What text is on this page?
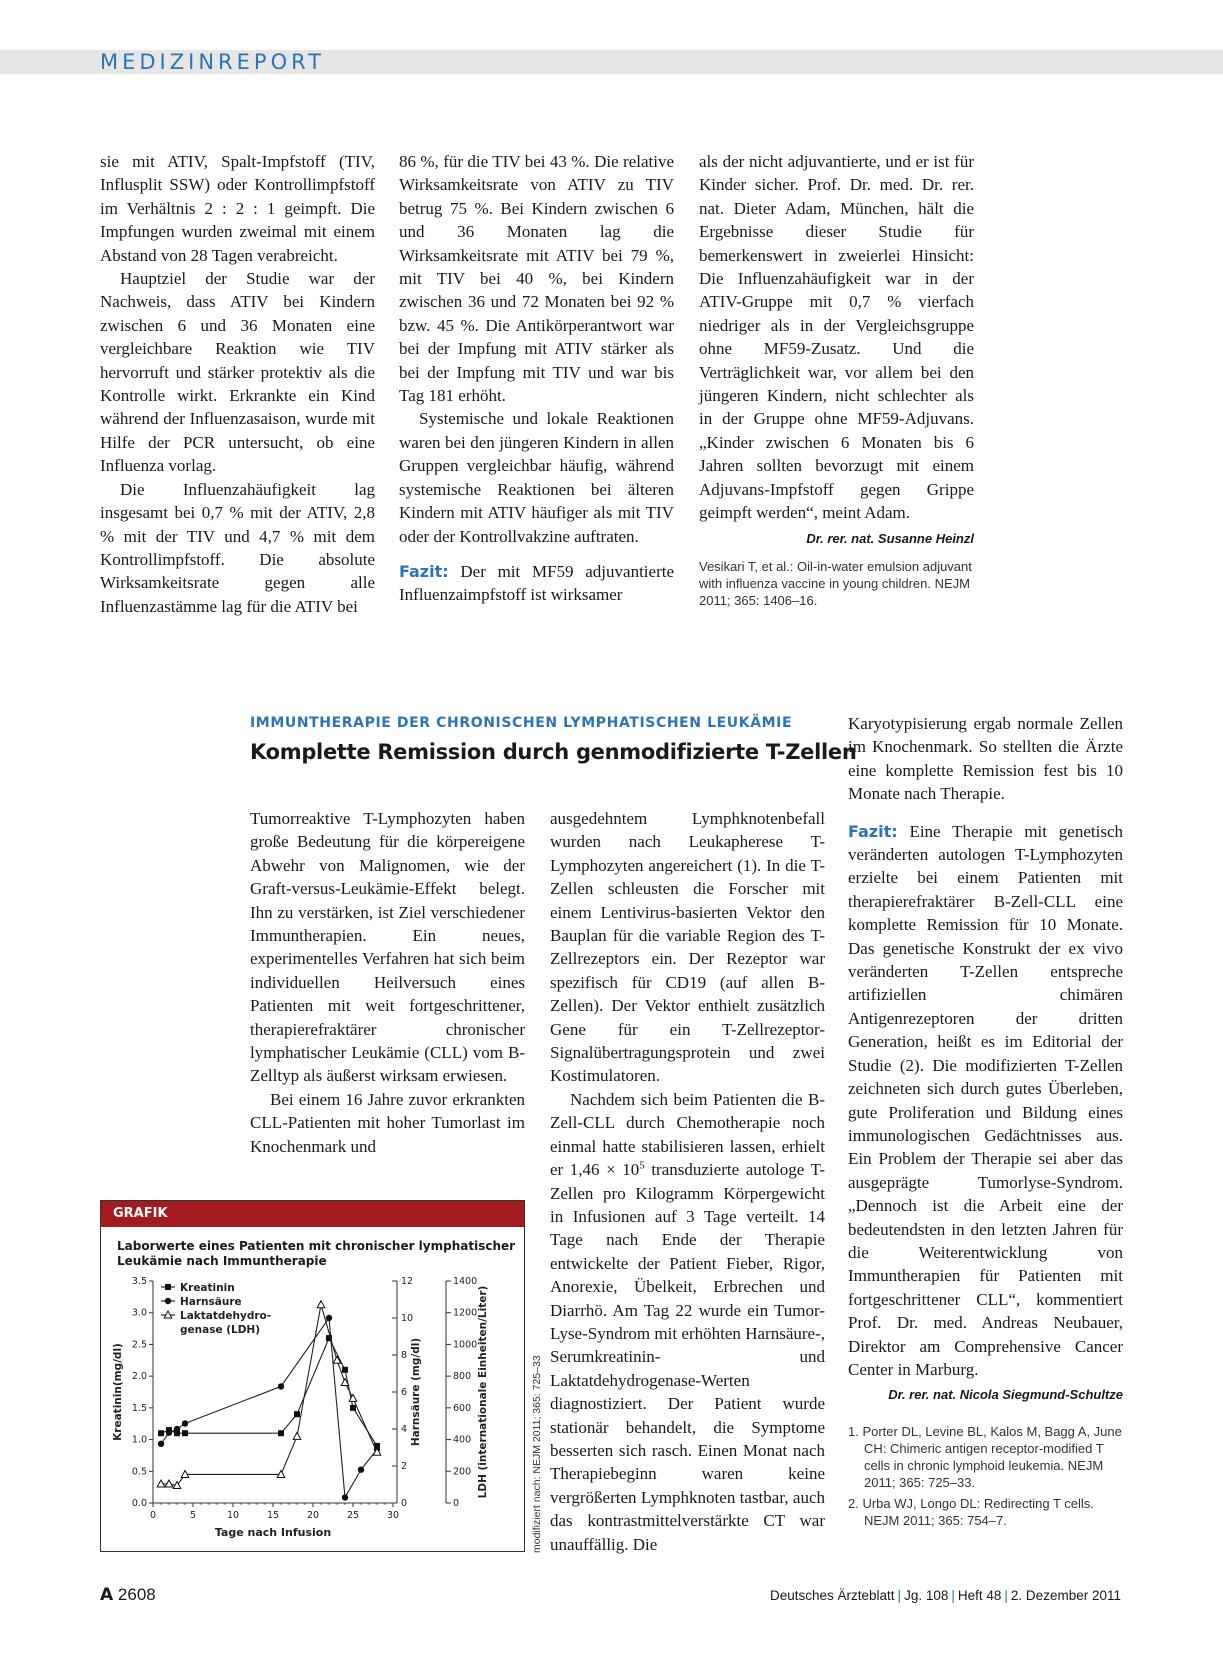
MEDIZINREPORT

sie mit ATIV, Spalt-Impfstoff (TIV, Influsplit SSW) oder Kontrollimpfstoff im Verhältnis 2 : 2 : 1 geimpft. Die Impfungen wurden zweimal mit einem Abstand von 28 Tagen verabreicht.

Hauptziel der Studie war der Nachweis, dass ATIV bei Kindern zwischen 6 und 36 Monaten eine vergleichbare Reaktion wie TIV hervorruft und stärker protektiv als die Kontrolle wirkt. Erkrankte ein Kind während der Influenzasaison, wurde mit Hilfe der PCR untersucht, ob eine Influenza vorlag.

Die Influenzahäufigkeit lag insgesamt bei 0,7 % mit der ATIV, 2,8 % mit der TIV und 4,7 % mit dem Kontrollimpfstoff. Die absolute Wirksamkeitsrate gegen alle Influenzastämme lag für die ATIV bei

86 %, für die TIV bei 43 %. Die relative Wirksamkeitsrate von ATIV zu TIV betrug 75 %. Bei Kindern zwischen 6 und 36 Monaten lag die Wirksamkeitsrate mit ATIV bei 79 %, mit TIV bei 40 %, bei Kindern zwischen 36 und 72 Monaten bei 92 % bzw. 45 %. Die Antikörperantwort war bei der Impfung mit ATIV stärker als bei der Impfung mit TIV und war bis Tag 181 erhöht.

Systemische und lokale Reaktionen waren bei den jüngeren Kindern in allen Gruppen vergleichbar häufig, während systemische Reaktionen bei älteren Kindern mit ATIV häufiger als mit TIV oder der Kontrollvakzine auftraten.

Fazit: Der mit MF59 adjuvantierte Influenzaimpfstoff ist wirksamer

als der nicht adjuvantierte, und er ist für Kinder sicher. Prof. Dr. med. Dr. rer. nat. Dieter Adam, München, hält die Ergebnisse dieser Studie für bemerkenswert in zweierlei Hinsicht: Die Influenzahäufigkeit war in der ATIV-Gruppe mit 0,7 % vierfach niedriger als in der Vergleichsgruppe ohne MF59-Zusatz. Und die Verträglichkeit war, vor allem bei den jüngeren Kindern, nicht schlechter als in der Gruppe ohne MF59-Adjuvans. „Kinder zwischen 6 Monaten bis 6 Jahren sollten bevorzugt mit einem Adjuvans-Impfstoff gegen Grippe geimpft werden“, meint Adam.

Dr. rer. nat. Susanne Heinzl
Vesikari T, et al.: Oil-in-water emulsion adjuvant with influenza vaccine in young children. NEJM 2011; 365: 1406–16.
IMMUNTHERAPIE DER CHRONISCHEN LYMPHATISCHEN LEUKÄMIE
Komplette Remission durch genmodifizierte T-Zellen

Tumorreaktive T-Lymphozyten haben große Bedeutung für die körpereigene Abwehr von Malignomen, wie der Graft-versus-Leukämie-Effekt belegt. Ihn zu verstärken, ist Ziel verschiedener Immuntherapien. Ein neues, experimentelles Verfahren hat sich beim individuellen Heilversuch eines Patienten mit weit fortgeschrittener, therapierefraktärer chronischer lymphatischer Leukämie (CLL) vom B-Zelltyp als äußerst wirksam erwiesen.

Bei einem 16 Jahre zuvor erkrankten CLL-Patienten mit hoher Tumorlast im Knochenmark und

ausgedehntem Lymphknotenbefall wurden nach Leukapherese T-Lymphozyten angereichert (1). In die T-Zellen schleusten die Forscher mit einem Lentivirus-basierten Vektor den Bauplan für die variable Region des T-Zellrezeptors ein. Der Rezeptor war spezifisch für CD19 (auf allen B-Zellen). Der Vektor enthielt zusätzlich Gene für ein T-Zellrezeptor-Signalübertragungsprotein und zwei Kostimulatoren.

Nachdem sich beim Patienten die B-Zell-CLL durch Chemotherapie noch einmal hatte stabilisieren lassen, erhielt er $1,46 \times 10^5$ transduzierte autologe T-Zellen pro Kilogramm Körpergewicht in Infusionen auf 3 Tage verteilt. 14 Tage nach Ende der Therapie entwickelte der Patient Fieber, Rigor, Anorexie, Übelkeit, Erbrechen und Diarrhö. Am Tag 22 wurde ein Tumor-Lyse-Syndrom mit erhöhten Harnsäure-, Serumkreatinin- und Laktatdehydrogenase-Werten diagnostiziert. Der Patient wurde stationär behandelt, die Symptome besserten sich rasch. Einen Monat nach Therapiebeginn waren keine vergrößerten Lymphknoten tastbar, auch das kontrastmittelverstärkte CT war unauffällig. Die

Karyotypisierung ergab normale Zellen im Knochenmark. So stellten die Ärzte eine komplette Remission fest bis 10 Monate nach Therapie.

Fazit: Eine Therapie mit genetisch veränderten autologen T-Lymphozyten erzielte bei einem Patienten mit therapierefraktärer B-Zell-CLL eine komplette Remission für 10 Monate. Das genetische Konstrukt der ex vivo veränderten T-Zellen entspreche artifiziellen chimären Antigenrezeptoren der dritten Generation, heißt es im Editorial der Studie (2). Die modifizierten T-Zellen zeichneten sich durch gutes Überleben, gute Proliferation und Bildung eines immunologischen Gedächtnisses aus. Ein Problem der Therapie sei aber das ausgeprägte Tumorlyse-Syndrom. „Dennoch ist die Arbeit eine der bedeutendsten in den letzten Jahren für die Weiterentwicklung von Immuntherapien für Patienten mit fortgeschrittener CLL“, kommentiert Prof. Dr. med. Andreas Neubauer, Direktor am Comprehensive Cancer Center in Marburg.

Dr. rer. nat. Nicola Siegmund-Schultze
1. Porter DL, Levine BL, Kalos M, Bagg A, June CH: Chimeric antigen receptor-modified T cells in chronic lymphoid leukemia. NEJM 2011; 365: 725–33.
2. Urba WJ, Longo DL: Redirecting T cells. NEJM 2011; 365: 754–7.
GRAFIK
Laborwerte eines Patienten mit chronischer lymphatischer Leukämie nach Immuntherapie
0.0
0.5
1.0
1.5
2.0
2.5
3.0
3.5
0	5	10	15	20	25	30
Tage nach Infusion
0
2
4
6
8
10
12
0
200
400
600
800
1000
1200
1400
Kreatinin(mg/dl)	Harnsäure (mg/dl)	LDH (internationale Einheiten/Liter)
Kreatinin
Harnsäure
Laktatdehydro-
genase (LDH)
modifiziert nach: NEJM 2011; 365: 725–33
A 2608	Deutsches Ärzteblatt | Jg. 108 | Heft 48 | 2. Dezember 2011
